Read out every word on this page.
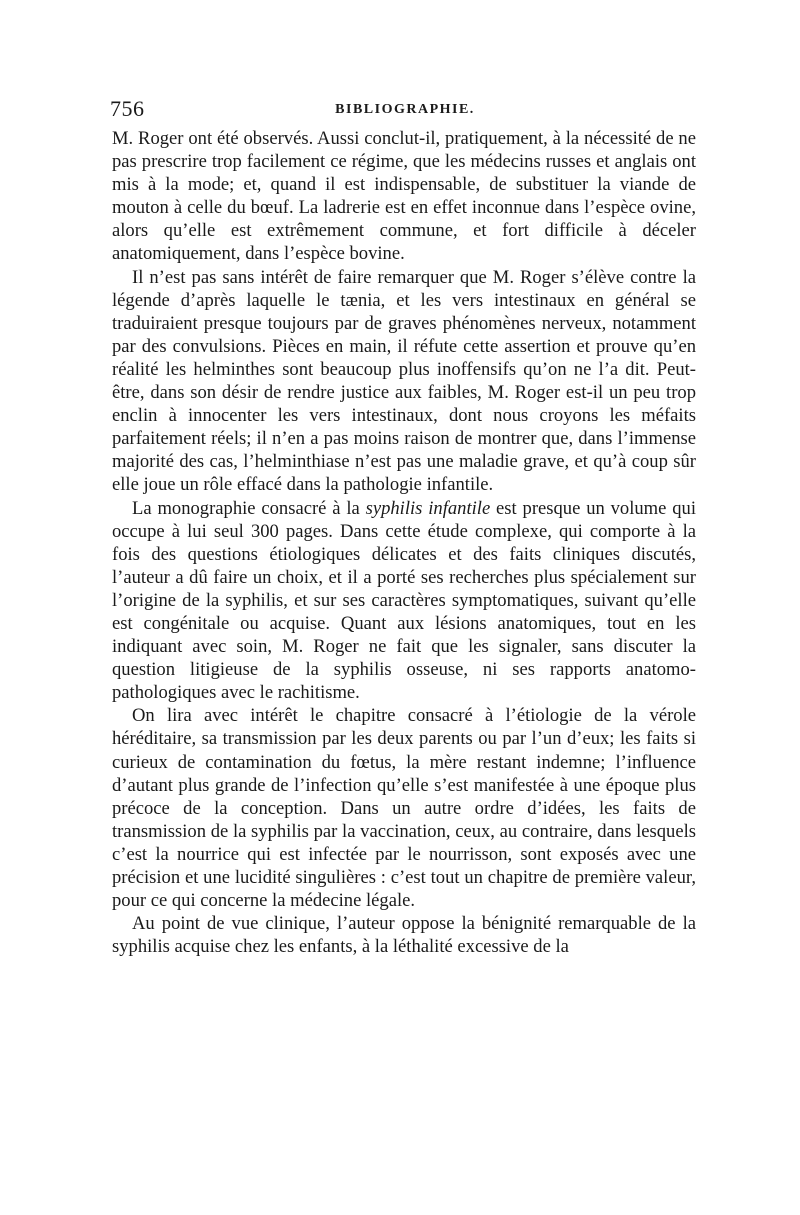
756	BIBLIOGRAPHIE.

M. Roger ont été observés. Aussi conclut-il, pratiquement, à la nécessité de ne pas prescrire trop facilement ce régime, que les médecins russes et anglais ont mis à la mode; et, quand il est indispensable, de substituer la viande de mouton à celle du bœuf. La ladrerie est en effet inconnue dans l’espèce ovine, alors qu’elle est extrêmement commune, et fort difficile à déceler anatomiquement, dans l’espèce bovine.

Il n’est pas sans intérêt de faire remarquer que M. Roger s’élève contre la légende d’après laquelle le tænia, et les vers intestinaux en général se traduiraient presque toujours par de graves phénomènes nerveux, notamment par des convulsions. Pièces en main, il réfute cette assertion et prouve qu’en réalité les helminthes sont beaucoup plus inoffensifs qu’on ne l’a dit. Peut-être, dans son désir de rendre justice aux faibles, M. Roger est-il un peu trop enclin à innocenter les vers intestinaux, dont nous croyons les méfaits parfaitement réels; il n’en a pas moins raison de montrer que, dans l’immense majorité des cas, l’helminthiase n’est pas une maladie grave, et qu’à coup sûr elle joue un rôle effacé dans la pathologie infantile.

La monographie consacré à la syphilis infantile est presque un volume qui occupe à lui seul 300 pages. Dans cette étude complexe, qui comporte à la fois des questions étiologiques délicates et des faits cliniques discutés, l’auteur a dû faire un choix, et il a porté ses recherches plus spécialement sur l’origine de la syphilis, et sur ses caractères symptomatiques, suivant qu’elle est congénitale ou acquise. Quant aux lésions anatomiques, tout en les indiquant avec soin, M. Roger ne fait que les signaler, sans discuter la question litigieuse de la syphilis osseuse, ni ses rapports anatomo-pathologiques avec le rachitisme.

On lira avec intérêt le chapitre consacré à l’étiologie de la vérole héréditaire, sa transmission par les deux parents ou par l’un d’eux; les faits si curieux de contamination du fœtus, la mère restant indemne; l’influence d’autant plus grande de l’infection qu’elle s’est manifestée à une époque plus précoce de la conception. Dans un autre ordre d’idées, les faits de transmission de la syphilis par la vaccination, ceux, au contraire, dans lesquels c’est la nourrice qui est infectée par le nourrisson, sont exposés avec une précision et une lucidité singulières : c’est tout un chapitre de première valeur, pour ce qui concerne la médecine légale.

Au point de vue clinique, l’auteur oppose la bénignité remarquable de la syphilis acquise chez les enfants, à la léthalité excessive de la
